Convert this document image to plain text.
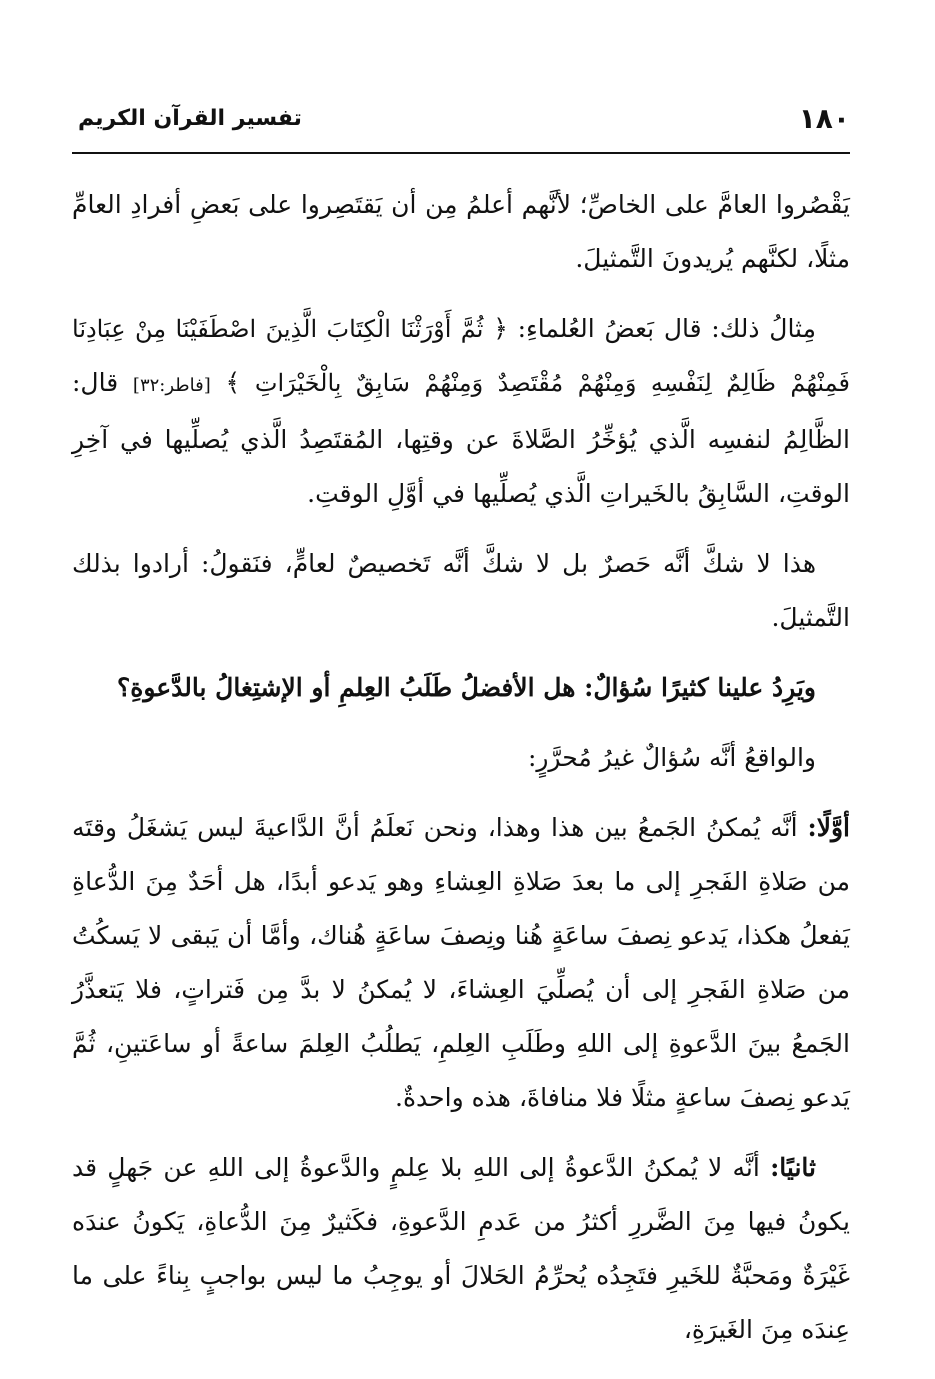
١٨٠
تفسير القرآن الكريم

يَقْصُروا العامَّ على الخاصِّ؛ لأنَّهم أعلمُ مِن أن يَقتَصِروا على بَعضِ أفرادِ العامِّ مثلًا، لكنَّهم يُريدونَ التَّمثيلَ.

مِثالُ ذلك: قال بَعضُ العُلماءِ: ﴿ ثُمَّ أَوْرَثْنَا الْكِتَابَ الَّذِينَ اصْطَفَيْنَا مِنْ عِبَادِنَا فَمِنْهُمْ ظَالِمٌ لِنَفْسِهِ وَمِنْهُمْ مُقْتَصِدٌ وَمِنْهُمْ سَابِقٌ بِالْخَيْرَاتِ ﴾ [فاطر:٣٢] قال: الظَّالِمُ لنفسِه الَّذي يُؤخِّرُ الصَّلاةَ عن وقتِها، المُقتَصِدُ الَّذي يُصلِّيها في آخِرِ الوقتِ، السَّابِقُ بالخَيراتِ الَّذي يُصلِّيها في أوَّلِ الوقتِ.

هذا لا شكَّ أنَّه حَصرٌ بل لا شكَّ أنَّه تَخصيصٌ لعامٍّ، فنَقولُ: أرادوا بذلك التَّمثيلَ.

ويَرِدُ علينا كثيرًا سُؤالٌ: هل الأفضلُ طَلَبُ العِلمِ أو الإشتِغالُ بالدَّعوةِ؟

والواقعُ أنَّه سُؤالٌ غيرُ مُحرَّرٍ:

أوَّلًا: أنَّه يُمكنُ الجَمعُ بين هذا وهذا، ونحن نَعلَمُ أنَّ الدَّاعيةَ ليس يَشغَلُ وقتَه من صَلاةِ الفَجرِ إلى ما بعدَ صَلاةِ العِشاءِ وهو يَدعو أبدًا، هل أحَدٌ مِنَ الدُّعاةِ يَفعلُ هكذا، يَدعو نِصفَ ساعَةٍ هُنا ونِصفَ ساعَةٍ هُناك، وأمَّا أن يَبقى لا يَسكُتُ من صَلاةِ الفَجرِ إلى أن يُصلِّيَ العِشاءَ، لا يُمكنُ لا بدَّ مِن فَتراتٍ، فلا يَتعذَّرُ الجَمعُ بينَ الدَّعوةِ إلى اللهِ وطَلَبِ العِلمِ، يَطلُبُ العِلمَ ساعةً أو ساعَتينِ، ثُمَّ يَدعو نِصفَ ساعةٍ مثلًا فلا منافاةَ، هذه واحدةٌ.

ثانيًا: أنَّه لا يُمكنُ الدَّعوةُ إلى اللهِ بلا عِلمٍ والدَّعوةُ إلى اللهِ عن جَهلٍ قد يكونُ فيها مِنَ الضَّررِ أكثرُ من عَدمِ الدَّعوةِ، فكَثيرٌ مِنَ الدُّعاةِ، يَكونُ عندَه غَيْرَةٌ ومَحبَّةٌ للخَيرِ فتَجِدُه يُحرِّمُ الحَلالَ أو يوجِبُ ما ليس بواجبٍ بِناءً على ما عِندَه مِنَ الغَيرَةِ،
